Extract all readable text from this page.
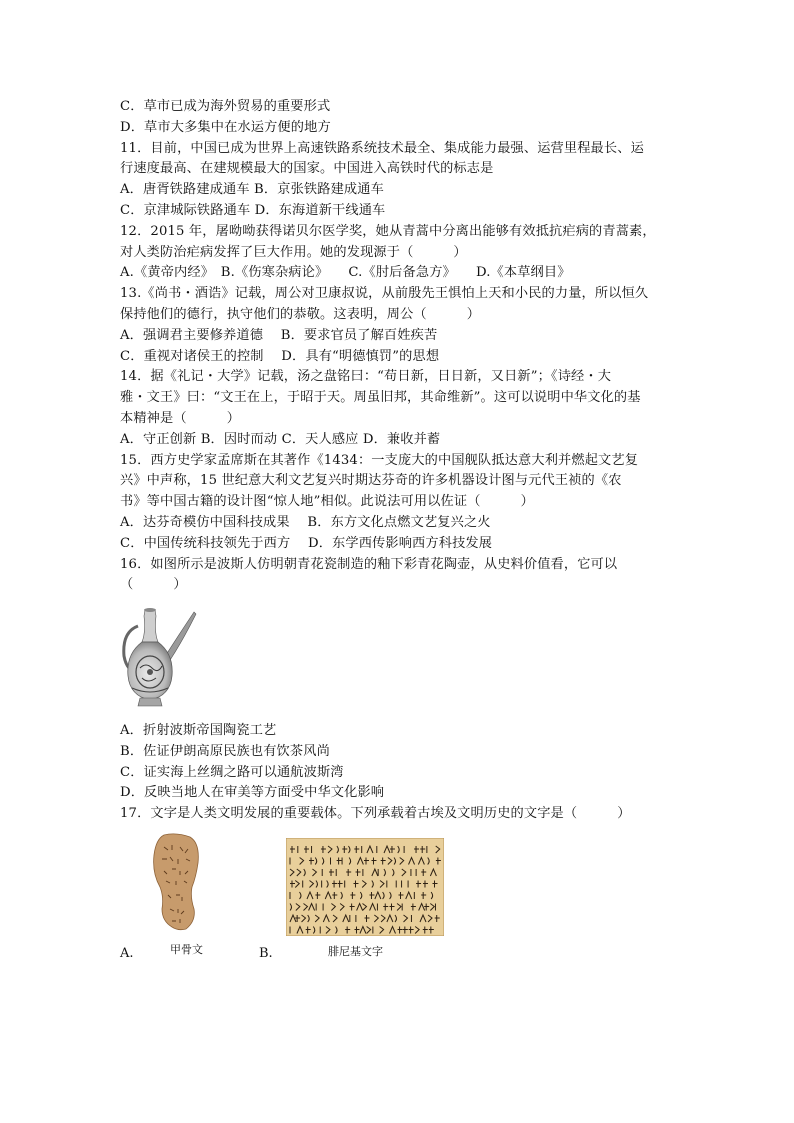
C．草市已成为海外贸易的重要形式
D．草市大多集中在水运方便的地方
11．目前，中国已成为世界上高速铁路系统技术最全、集成能力最强、运营里程最长、运
行速度最高、在建规模最大的国家。中国进入高铁时代的标志是
A．唐胥铁路建成通车 B．京张铁路建成通车
C．京津城际铁路通车 D．东海道新干线通车
12．2015 年，屠呦呦获得诺贝尔医学奖，她从青蒿中分离出能够有效抵抗疟病的青蒿素，
对人类防治疟病发挥了巨大作用。她的发现源于（　　　）
A.《黄帝内经》　B.《伤寒杂病论》　　C.《肘后备急方》　　D.《本草纲目》
13.《尚书・酒诰》记载，周公对卫康叔说，从前殷先王惧怕上天和小民的力量，所以恒久
保持他们的德行，执守他们的恭敬。这表明，周公（　　　）
A．强调君主要修养道德　 B．要求官员了解百姓疾苦
C．重视对诸侯王的控制　 D．具有“明德慎罚”的思想
14．据《礼记・大学》记载，汤之盘铭曰：“苟日新，日日新，又日新”；《诗经・大
雅・文王》曰：“文王在上，于昭于天。周虽旧邦，其命维新”。这可以说明中华文化的基
本精神是（　　　）
A．守正创新 B．因时而动 C．天人感应 D．兼收并蓄
15．西方史学家孟席斯在其著作《1434：一支庞大的中国舰队抵达意大利并燃起文艺复
兴》中声称，15 世纪意大利文艺复兴时期达芬奇的许多机器设计图与元代王祯的《农
书》等中国古籍的设计图“惊人地”相似。此说法可用以佐证（　　　）
A．达芬奇模仿中国科技成果　 B．东方文化点燃文艺复兴之火
C．中国传统科技领先于西方　 D．东学西传影响西方科技发展
16．如图所示是波斯人仿明朝青花瓷制造的釉下彩青花陶壶，从史料价值看，它可以
（　　　）
A．折射波斯帝国陶瓷工艺
B．佐证伊朗高原民族也有饮茶风尚
C．证实海上丝绸之路可以通航波斯湾
D．反映当地人在审美等方面受中华文化影响
17．文字是人类文明发展的重要载体。下列承载着古埃及文明历史的文字是（　　　）
甲骨文
A.	腓尼基文字
B.
